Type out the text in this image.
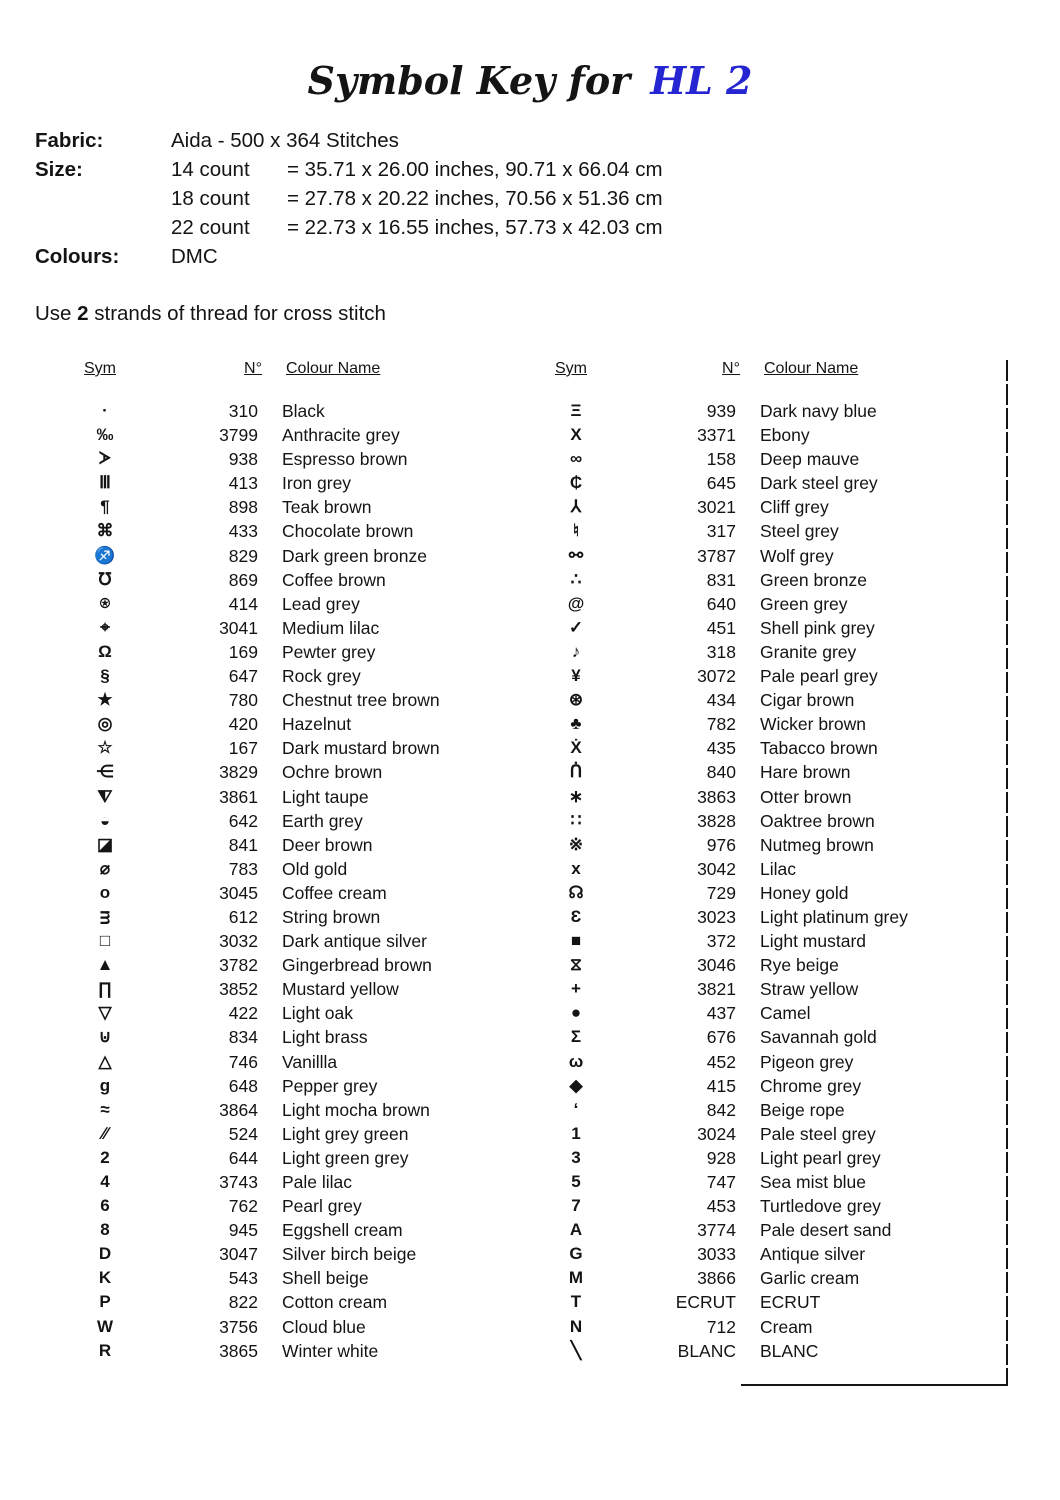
Symbol Key for HL 2
Fabric:	Aida - 500 x 364 Stitches
Size:	14 count	= 35.71 x 26.00 inches, 90.71 x 66.04 cm
18 count	= 27.78 x 20.22 inches, 70.56 x 51.36 cm
22 count	= 22.73 x 16.55 inches, 57.73 x 42.03 cm
Colours:	DMC
Use 2 strands of thread for cross stitch
Sym	N° Colour Name
·	310 Black
‰	3799 Anthracite grey
ᗆ	938 Espresso brown
Ⅲ	413 Iron grey
¶	898 Teak brown
⌘	433 Chocolate brown
♐	829 Dark green bronze
℧	869 Coffee brown
⍟	414 Lead grey
⌖	3041 Medium lilac
Ω	169 Pewter grey
§	647 Rock grey
★	780 Chestnut tree brown
◎	420 Hazelnut
☆	167 Dark mustard brown
⋲	3829 Ochre brown
⧨	3861 Light taupe
◒	642 Earth grey
◪	841 Deer brown
⌀	783 Old gold
o	3045 Coffee cream
ᴟ	612 String brown
□	3032 Dark antique silver
▲	3782 Gingerbread brown
∏	3852 Mustard yellow
▽	422 Light oak
⊍	834 Light brass
△	746 Vanillla
g	648 Pepper grey
≈	3864 Light mocha brown
∕∕	524 Light grey green
2	644 Light green grey
4	3743 Pale lilac
6	762 Pearl grey
8	945 Eggshell cream
D	3047 Silver birch beige
K	543 Shell beige
P	822 Cotton cream
W	3756 Cloud blue
R	3865 Winter white
Sym	N° Colour Name
Ξ	939 Dark navy blue
X	3371 Ebony
∞	158 Deep mauve
₵	645 Dark steel grey
⅄	3021 Cliff grey
♮	317 Steel grey
⚯	3787 Wolf grey
∴	831 Green bronze
@	640 Green grey
✓	451 Shell pink grey
♪	318 Granite grey
¥	3072 Pale pearl grey
⊛	434 Cigar brown
♣	782 Wicker brown
Ẋ	435 Tabacco brown
ᑏ	840 Hare brown
∗	3863 Otter brown
∷	3828 Oaktree brown
※	976 Nutmeg brown
x	3042 Lilac
☊	729 Honey gold
Ɛ	3023 Light platinum grey
■	372 Light mustard
⧖	3046 Rye beige
+	3821 Straw yellow
●	437 Camel
Σ	676 Savannah gold
ω	452 Pigeon grey
◆	415 Chrome grey
ʻ	842 Beige rope
1	3024 Pale steel grey
3	928 Light pearl grey
5	747 Sea mist blue
7	453 Turtledove grey
A	3774 Pale desert sand
G	3033 Antique silver
M	3866 Garlic cream
T	ECRUT ECRUT
N	712 Cream
╲	BLANC BLANC
